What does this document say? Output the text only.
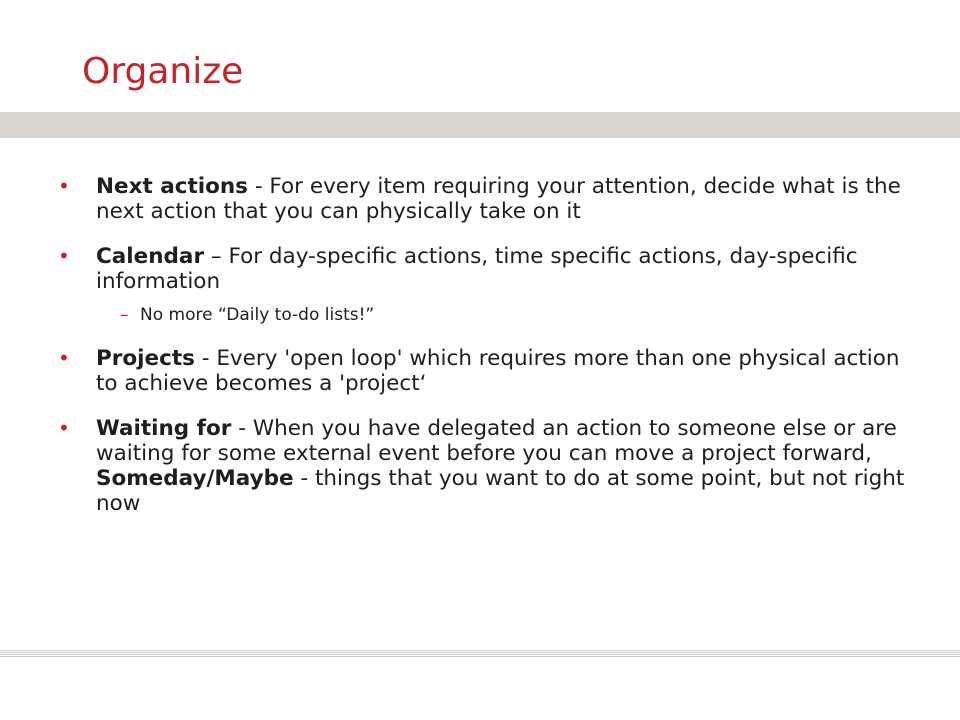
Organize
• Next actions - For every item requiring your attention, decide what is the next action that you can physically take on it
• Calendar – For day-specific actions, time specific actions, day-specific information
– No more “Daily to-do lists!”
• Projects - Every 'open loop' which requires more than one physical action to achieve becomes a 'project‘
• Waiting for - When you have delegated an action to someone else or are waiting for some external event before you can move a project forward, Someday/Maybe - things that you want to do at some point, but not right now
